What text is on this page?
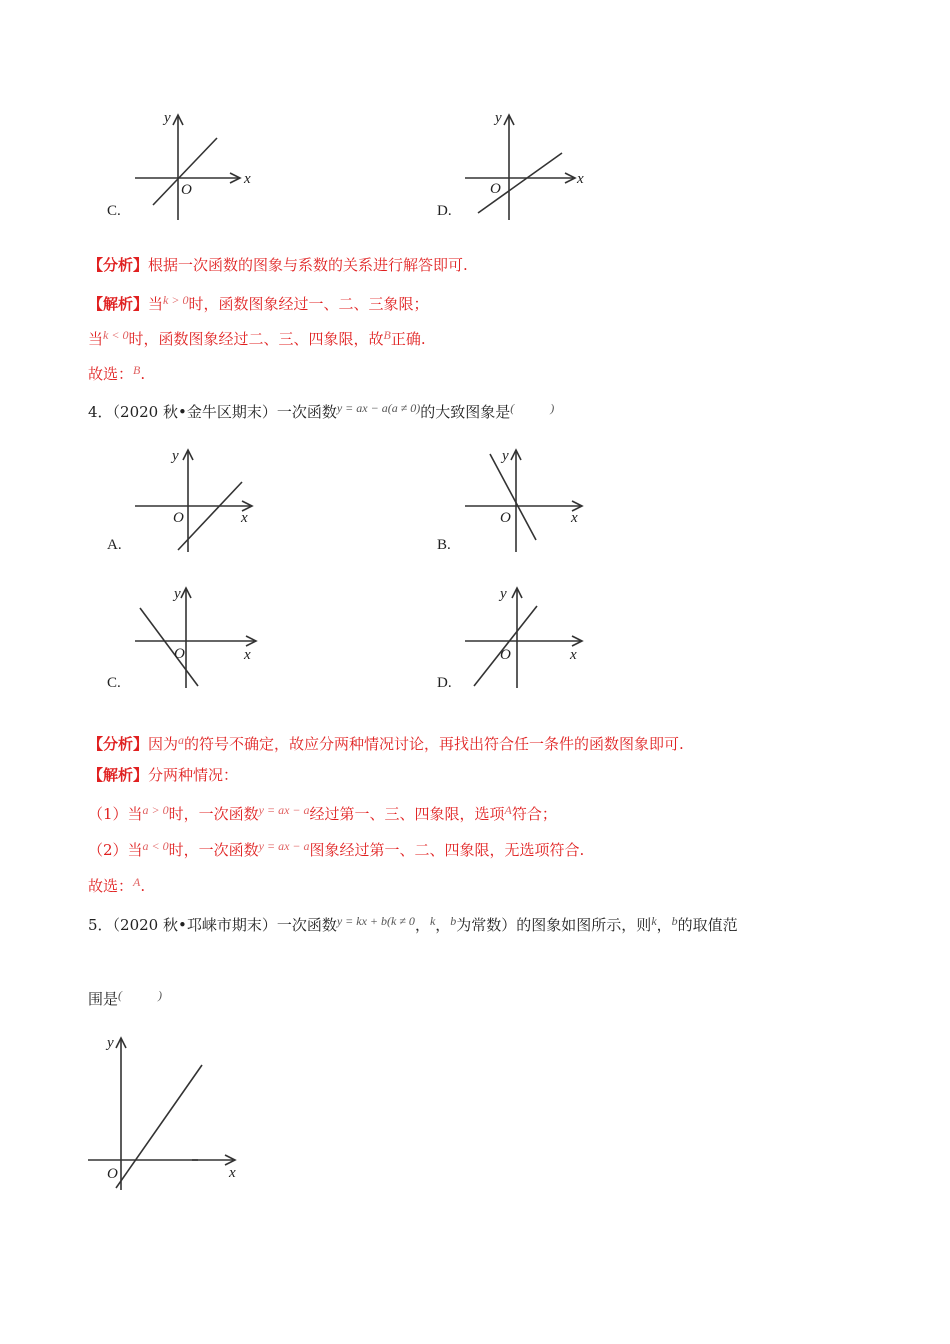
O
x
y
C.
O
x
y
D.
【分析】根据一次函数的图象与系数的关系进行解答即可.
【解析】当$^{k > 0}$时，函数图象经过一、二、三象限；
当$^{k < 0}$时，函数图象经过二、三、四象限，故$^B$正确.
故选：$^B$.
4．（2020 秋•金牛区期末）一次函数$^{y = ax - a(a \ne 0)}$的大致图象是(　　　)
O	x
y
A.
O	x
y
B.
O	x
y
C.
O	x
y
D.
【分析】因为$^a$的符号不确定，故应分两种情况讨论，再找出符合任一条件的函数图象即可.
【解析】分两种情况：
（1）当$^{a > 0}$时，一次函数$^{y = ax - a}$经过第一、三、四象限，选项$^A$符合；
（2）当$^{a < 0}$时，一次函数$^{y = ax - a}$图象经过第一、二、四象限，无选项符合.
故选：$^A$.
5．（2020 秋•邛崃市期末）一次函数$^{y = kx + b(k \ne 0}$，$^k$，$^b$为常数）的图象如图所示，则$^k$，$^b$的取值范
围是(　　　)
O	x
y
